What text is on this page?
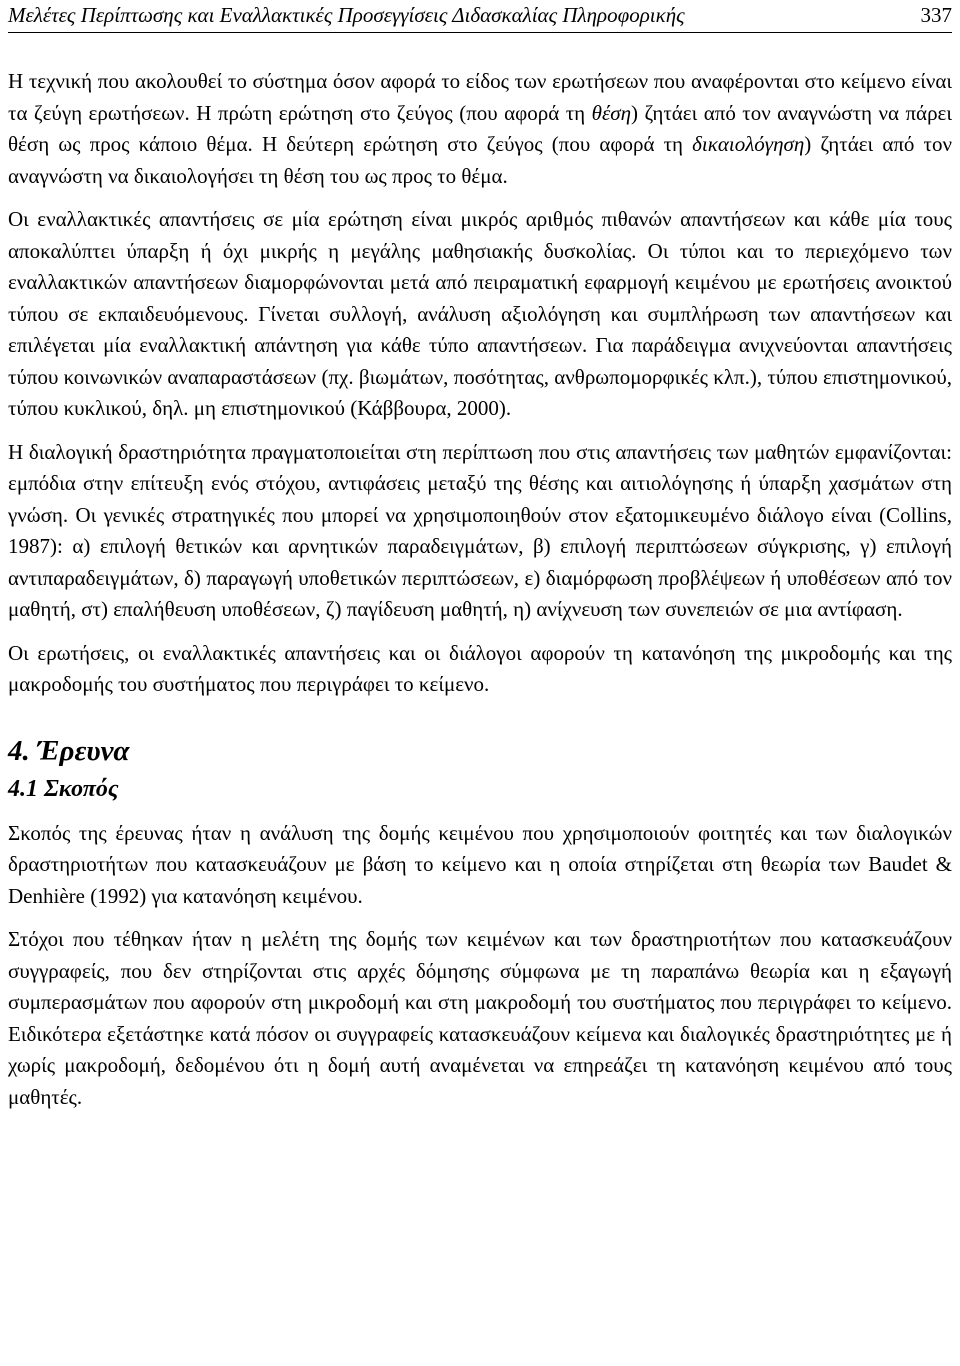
Μελέτες Περίπτωσης και Εναλλακτικές Προσεγγίσεις Διδασκαλίας Πληροφορικής	337

Η τεχνική που ακολουθεί το σύστημα όσον αφορά το είδος των ερωτήσεων που αναφέρονται στο κείμενο είναι τα ζεύγη ερωτήσεων. Η πρώτη ερώτηση στο ζεύγος (που αφορά τη θέση) ζητάει από τον αναγνώστη να πάρει θέση ως προς κάποιο θέμα. Η δεύτερη ερώτηση στο ζεύγος (που αφορά τη δικαιολόγηση) ζητάει από τον αναγνώστη να δικαιολογήσει τη θέση του ως προς το θέμα.

Οι εναλλακτικές απαντήσεις σε μία ερώτηση είναι μικρός αριθμός πιθανών απαντήσεων και κάθε μία τους αποκαλύπτει ύπαρξη ή όχι μικρής η μεγάλης μαθησιακής δυσκολίας. Οι τύποι και το περιεχόμενο των εναλλακτικών απαντήσεων διαμορφώνονται μετά από πειραματική εφαρμογή κειμένου με ερωτήσεις ανοικτού τύπου σε εκπαιδευόμενους. Γίνεται συλλογή, ανάλυση αξιολόγηση και συμπλήρωση των απαντήσεων και επιλέγεται μία εναλλακτική απάντηση για κάθε τύπο απαντήσεων. Για παράδειγμα ανιχνεύονται απαντήσεις τύπου κοινωνικών αναπαραστάσεων (πχ. βιωμάτων, ποσότητας, ανθρωπομορφικές κλπ.), τύπου επιστημονικού, τύπου κυκλικού, δηλ. μη επιστημονικού (Κάββουρα, 2000).

Η διαλογική δραστηριότητα πραγματοποιείται στη περίπτωση που στις απαντήσεις των μαθητών εμφανίζονται: εμπόδια στην επίτευξη ενός στόχου, αντιφάσεις μεταξύ της θέσης και αιτιολόγησης ή ύπαρξη χασμάτων στη γνώση. Οι γενικές στρατηγικές που μπορεί να χρησιμοποιηθούν στον εξατομικευμένο διάλογο είναι (Collins, 1987): α) επιλογή θετικών και αρνητικών παραδειγμάτων, β) επιλογή περιπτώσεων σύγκρισης, γ) επιλογή αντιπαραδειγμάτων, δ) παραγωγή υποθετικών περιπτώσεων, ε) διαμόρφωση προβλέψεων ή υποθέσεων από τον μαθητή, στ) επαλήθευση υποθέσεων, ζ) παγίδευση μαθητή, η) ανίχνευση των συνεπειών σε μια αντίφαση.

Οι ερωτήσεις, οι εναλλακτικές απαντήσεις και οι διάλογοι αφορούν τη κατανόηση της μικροδομής και της μακροδομής του συστήματος που περιγράφει το κείμενο.

4. Έρευνα
4.1 Σκοπός

Σκοπός της έρευνας ήταν η ανάλυση της δομής κειμένου που χρησιμοποιούν φοιτητές και των διαλογικών δραστηριοτήτων που κατασκευάζουν με βάση το κείμενο και η οποία στηρίζεται στη θεωρία των Baudet & Denhière (1992) για κατανόηση κειμένου.

Στόχοι που τέθηκαν ήταν η μελέτη της δομής των κειμένων και των δραστηριοτήτων που κατασκευάζουν συγγραφείς, που δεν στηρίζονται στις αρχές δόμησης σύμφωνα με τη παραπάνω θεωρία και η εξαγωγή συμπερασμάτων που αφορούν στη μικροδομή και στη μακροδομή του συστήματος που περιγράφει το κείμενο. Ειδικότερα εξετάστηκε κατά πόσον οι συγγραφείς κατασκευάζουν κείμενα και διαλογικές δραστηριότητες με ή χωρίς μακροδομή, δεδομένου ότι η δομή αυτή αναμένεται να επηρεάζει τη κατανόηση κειμένου από τους μαθητές.
